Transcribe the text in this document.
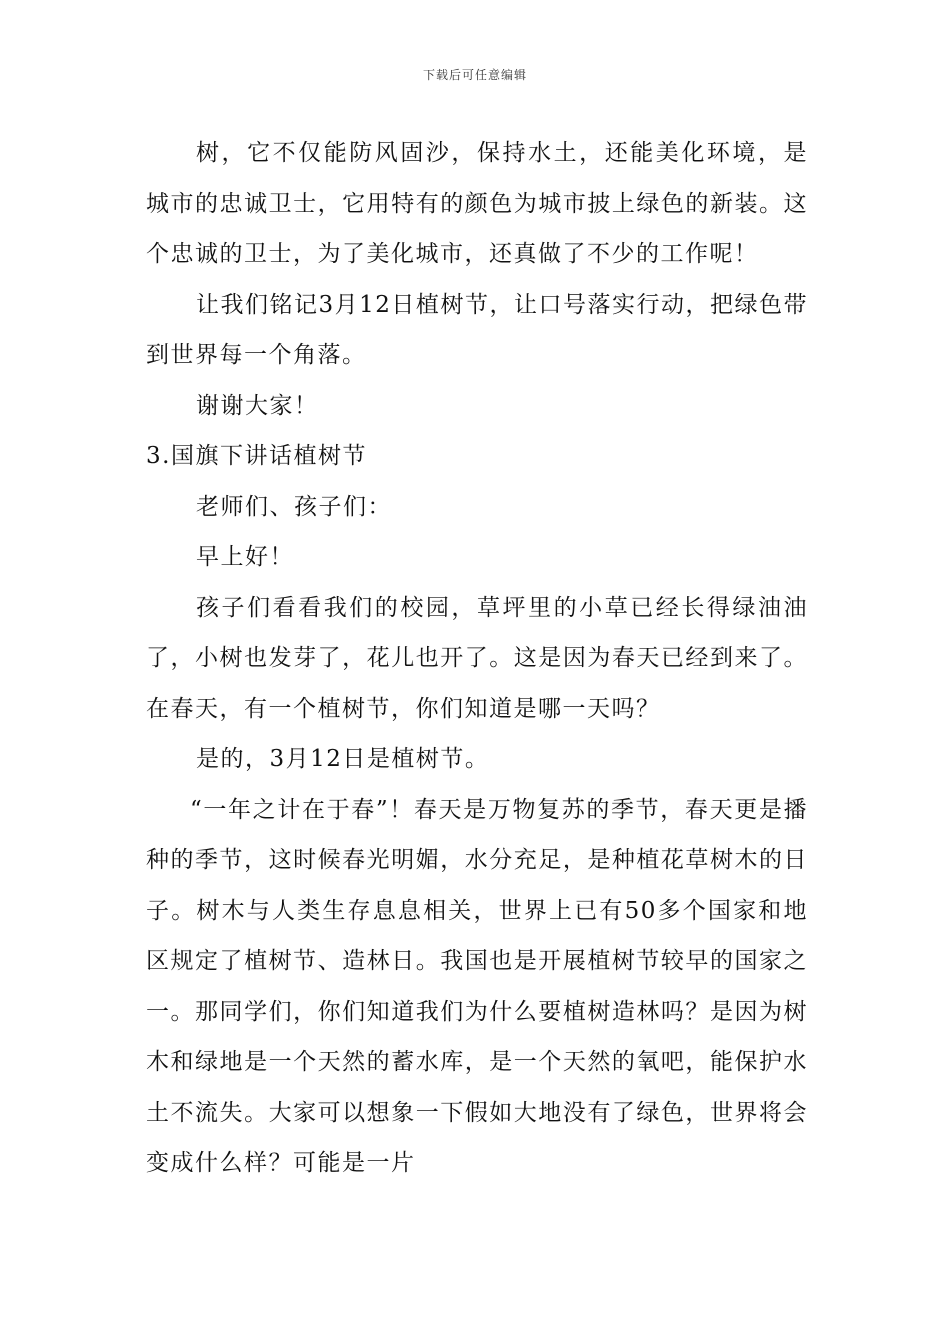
下载后可任意编辑

树，它不仅能防风固沙，保持水土，还能美化环境，是城市的忠诚卫士，它用特有的颜色为城市披上绿色的新装。这个忠诚的卫士，为了美化城市，还真做了不少的工作呢！

让我们铭记3月12日植树节，让口号落实行动，把绿色带到世界每一个角落。

谢谢大家！

3.国旗下讲话植树节

老师们、孩子们：

早上好！

孩子们看看我们的校园，草坪里的小草已经长得绿油油了，小树也发芽了，花儿也开了。这是因为春天已经到来了。在春天，有一个植树节，你们知道是哪一天吗？

是的，3月12日是植树节。

“一年之计在于春”！春天是万物复苏的季节，春天更是播种的季节，这时候春光明媚，水分充足，是种植花草树木的日子。树木与人类生存息息相关，世界上已有50多个国家和地区规定了植树节、造林日。我国也是开展植树节较早的国家之一。那同学们，你们知道我们为什么要植树造林吗？是因为树木和绿地是一个天然的蓄水库，是一个天然的氧吧，能保护水土不流失。大家可以想象一下假如大地没有了绿色，世界将会变成什么样？可能是一片
